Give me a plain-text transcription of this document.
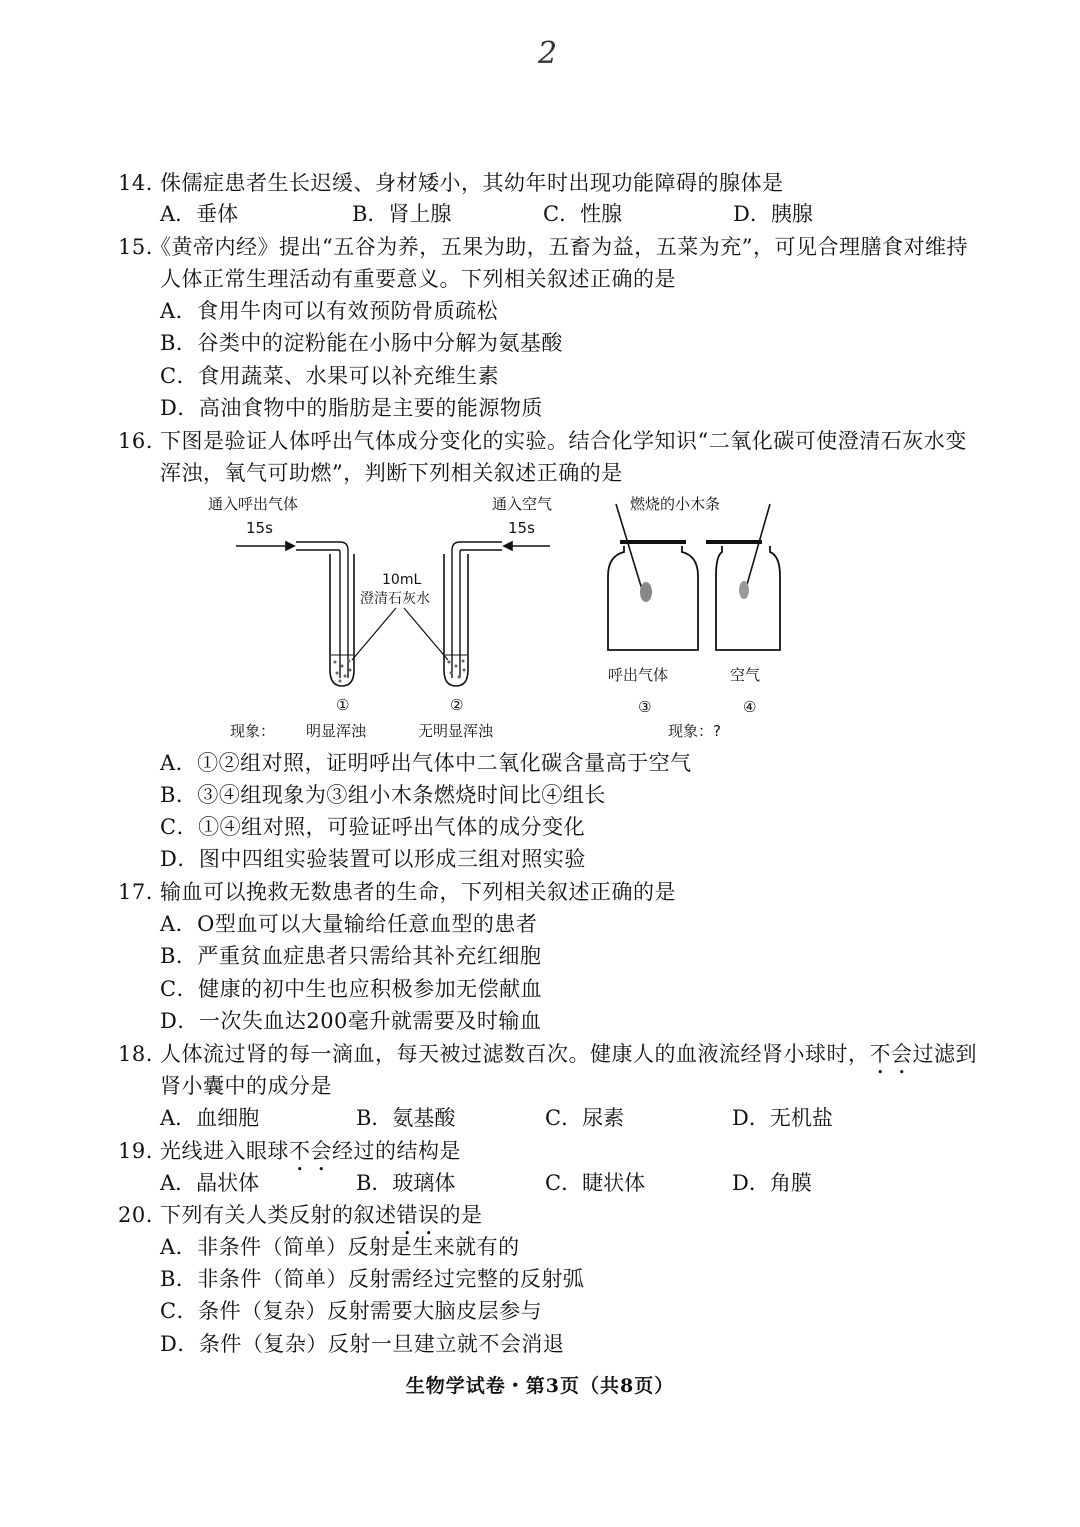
2
14. 侏儒症患者生长迟缓、身材矮小，其幼年时出现功能障碍的腺体是
A．垂体	B．肾上腺	C．性腺	D．胰腺
15.
《黄帝内经》提出“五谷为养，五果为助，五畜为益，五菜为充”，可见合理膳食对维持
人体正常生理活动有重要意义。下列相关叙述正确的是
A．食用牛肉可以有效预防骨质疏松
B．谷类中的淀粉能在小肠中分解为氨基酸
C．食用蔬菜、水果可以补充维生素
D．高油食物中的脂肪是主要的能源物质
16. 下图是验证人体呼出气体成分变化的实验。结合化学知识“二氧化碳可使澄清石灰水变
浑浊，氧气可助燃”，判断下列相关叙述正确的是
通入呼出气体
15s
通入空气
15s
燃烧的小木条
10mL
澄清石灰水
①	②
呼出气体
③
空气
④
现象： 明显浑浊	无明显浑浊	现象：?
A．①②组对照，证明呼出气体中二氧化碳含量高于空气
B．③④组现象为③组小木条燃烧时间比④组长
C．①④组对照，可验证呼出气体的成分变化
D．图中四组实验装置可以形成三组对照实验
17. 输血可以挽救无数患者的生命，下列相关叙述正确的是
A．O型血可以大量输给任意血型的患者
B．严重贫血症患者只需给其补充红细胞
C．健康的初中生也应积极参加无偿献血
D．一次失血达200毫升就需要及时输血
18. 人体流过肾的每一滴血，每天被过滤数百次。健康人的血液流经肾小球时，不会过滤到
肾小囊中的成分是
A．血细胞	B．氨基酸	C．尿素	D．无机盐
19. 光线进入眼球不会经过的结构是
A．晶状体	B．玻璃体	C．睫状体	D．角膜
20. 下列有关人类反射的叙述错误的是
A．非条件（简单）反射是生来就有的
B．非条件（简单）反射需经过完整的反射弧
C．条件（复杂）反射需要大脑皮层参与
D．条件（复杂）反射一旦建立就不会消退
生物学试卷・第3页（共8页）
